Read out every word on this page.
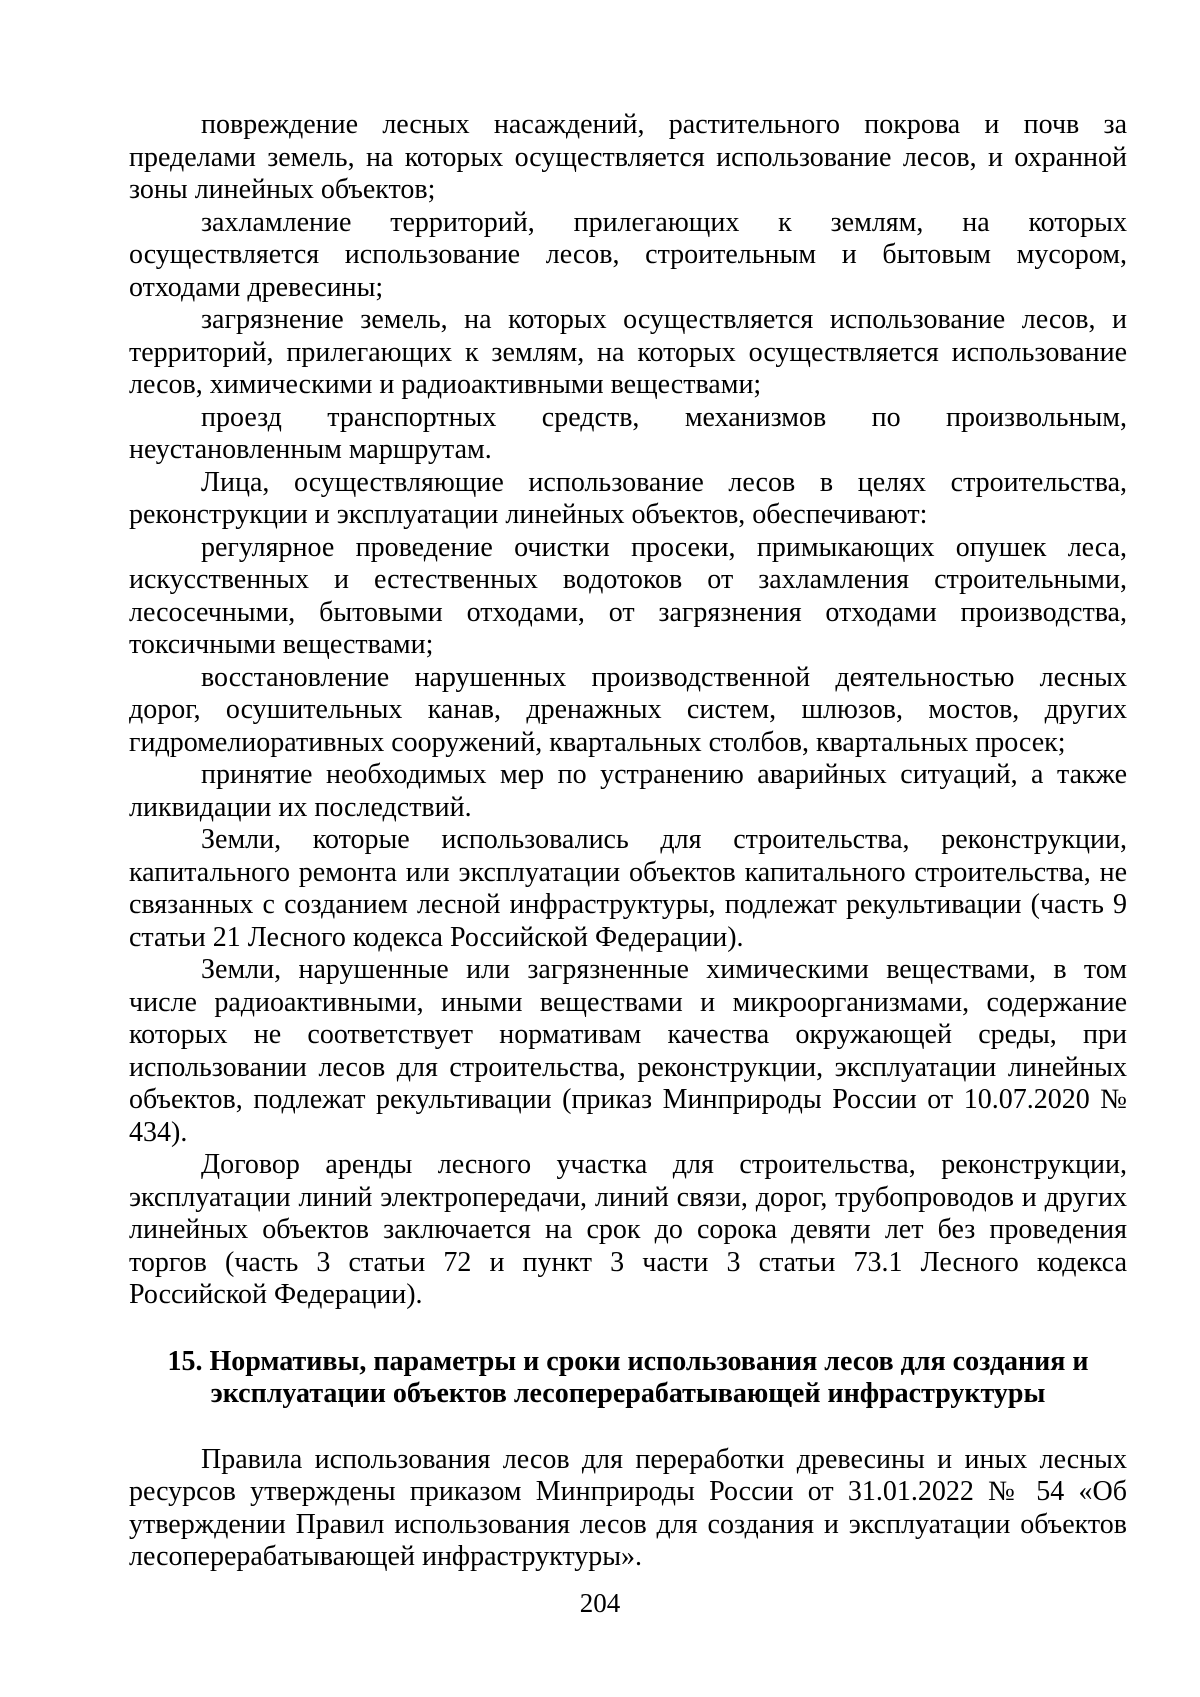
повреждение лесных насаждений, растительного покрова и почв за пределами земель, на которых осуществляется использование лесов, и охранной зоны линейных объектов;

захламление территорий, прилегающих к землям, на которых осуществляется использование лесов, строительным и бытовым мусором, отходами древесины;

загрязнение земель, на которых осуществляется использование лесов, и территорий, прилегающих к землям, на которых осуществляется использование лесов, химическими и радиоактивными веществами;

проезд транспортных средств, механизмов по произвольным, неустановленным маршрутам.

Лица, осуществляющие использование лесов в целях строительства, реконструкции и эксплуатации линейных объектов, обеспечивают:

регулярное проведение очистки просеки, примыкающих опушек леса, искусственных и естественных водотоков от захламления строительными, лесосечными, бытовыми отходами, от загрязнения отходами производства, токсичными веществами;

восстановление нарушенных производственной деятельностью лесных дорог, осушительных канав, дренажных систем, шлюзов, мостов, других гидромелиоративных сооружений, квартальных столбов, квартальных просек;

принятие необходимых мер по устранению аварийных ситуаций, а также ликвидации их последствий.

Земли, которые использовались для строительства, реконструкции, капитального ремонта или эксплуатации объектов капитального строительства, не связанных с созданием лесной инфраструктуры, подлежат рекультивации (часть 9 статьи 21 Лесного кодекса Российской Федерации).

Земли, нарушенные или загрязненные химическими веществами, в том числе радиоактивными, иными веществами и микроорганизмами, содержание которых не соответствует нормативам качества окружающей среды, при использовании лесов для строительства, реконструкции, эксплуатации линейных объектов, подлежат рекультивации (приказ Минприроды России от 10.07.2020 № 434).

Договор аренды лесного участка для строительства, реконструкции, эксплуатации линий электропередачи, линий связи, дорог, трубопроводов и других линейных объектов заключается на срок до сорока девяти лет без проведения торгов (часть 3 статьи 72 и пункт 3 части 3 статьи 73.1 Лесного кодекса Российской Федерации).

15. Нормативы, параметры и сроки использования лесов для создания и эксплуатации объектов лесоперерабатывающей инфраструктуры

Правила использования лесов для переработки древесины и иных лесных ресурсов утверждены приказом Минприроды России от 31.01.2022 № 54 «Об утверждении Правил использования лесов для создания и эксплуатации объектов лесоперерабатывающей инфраструктуры».

204
